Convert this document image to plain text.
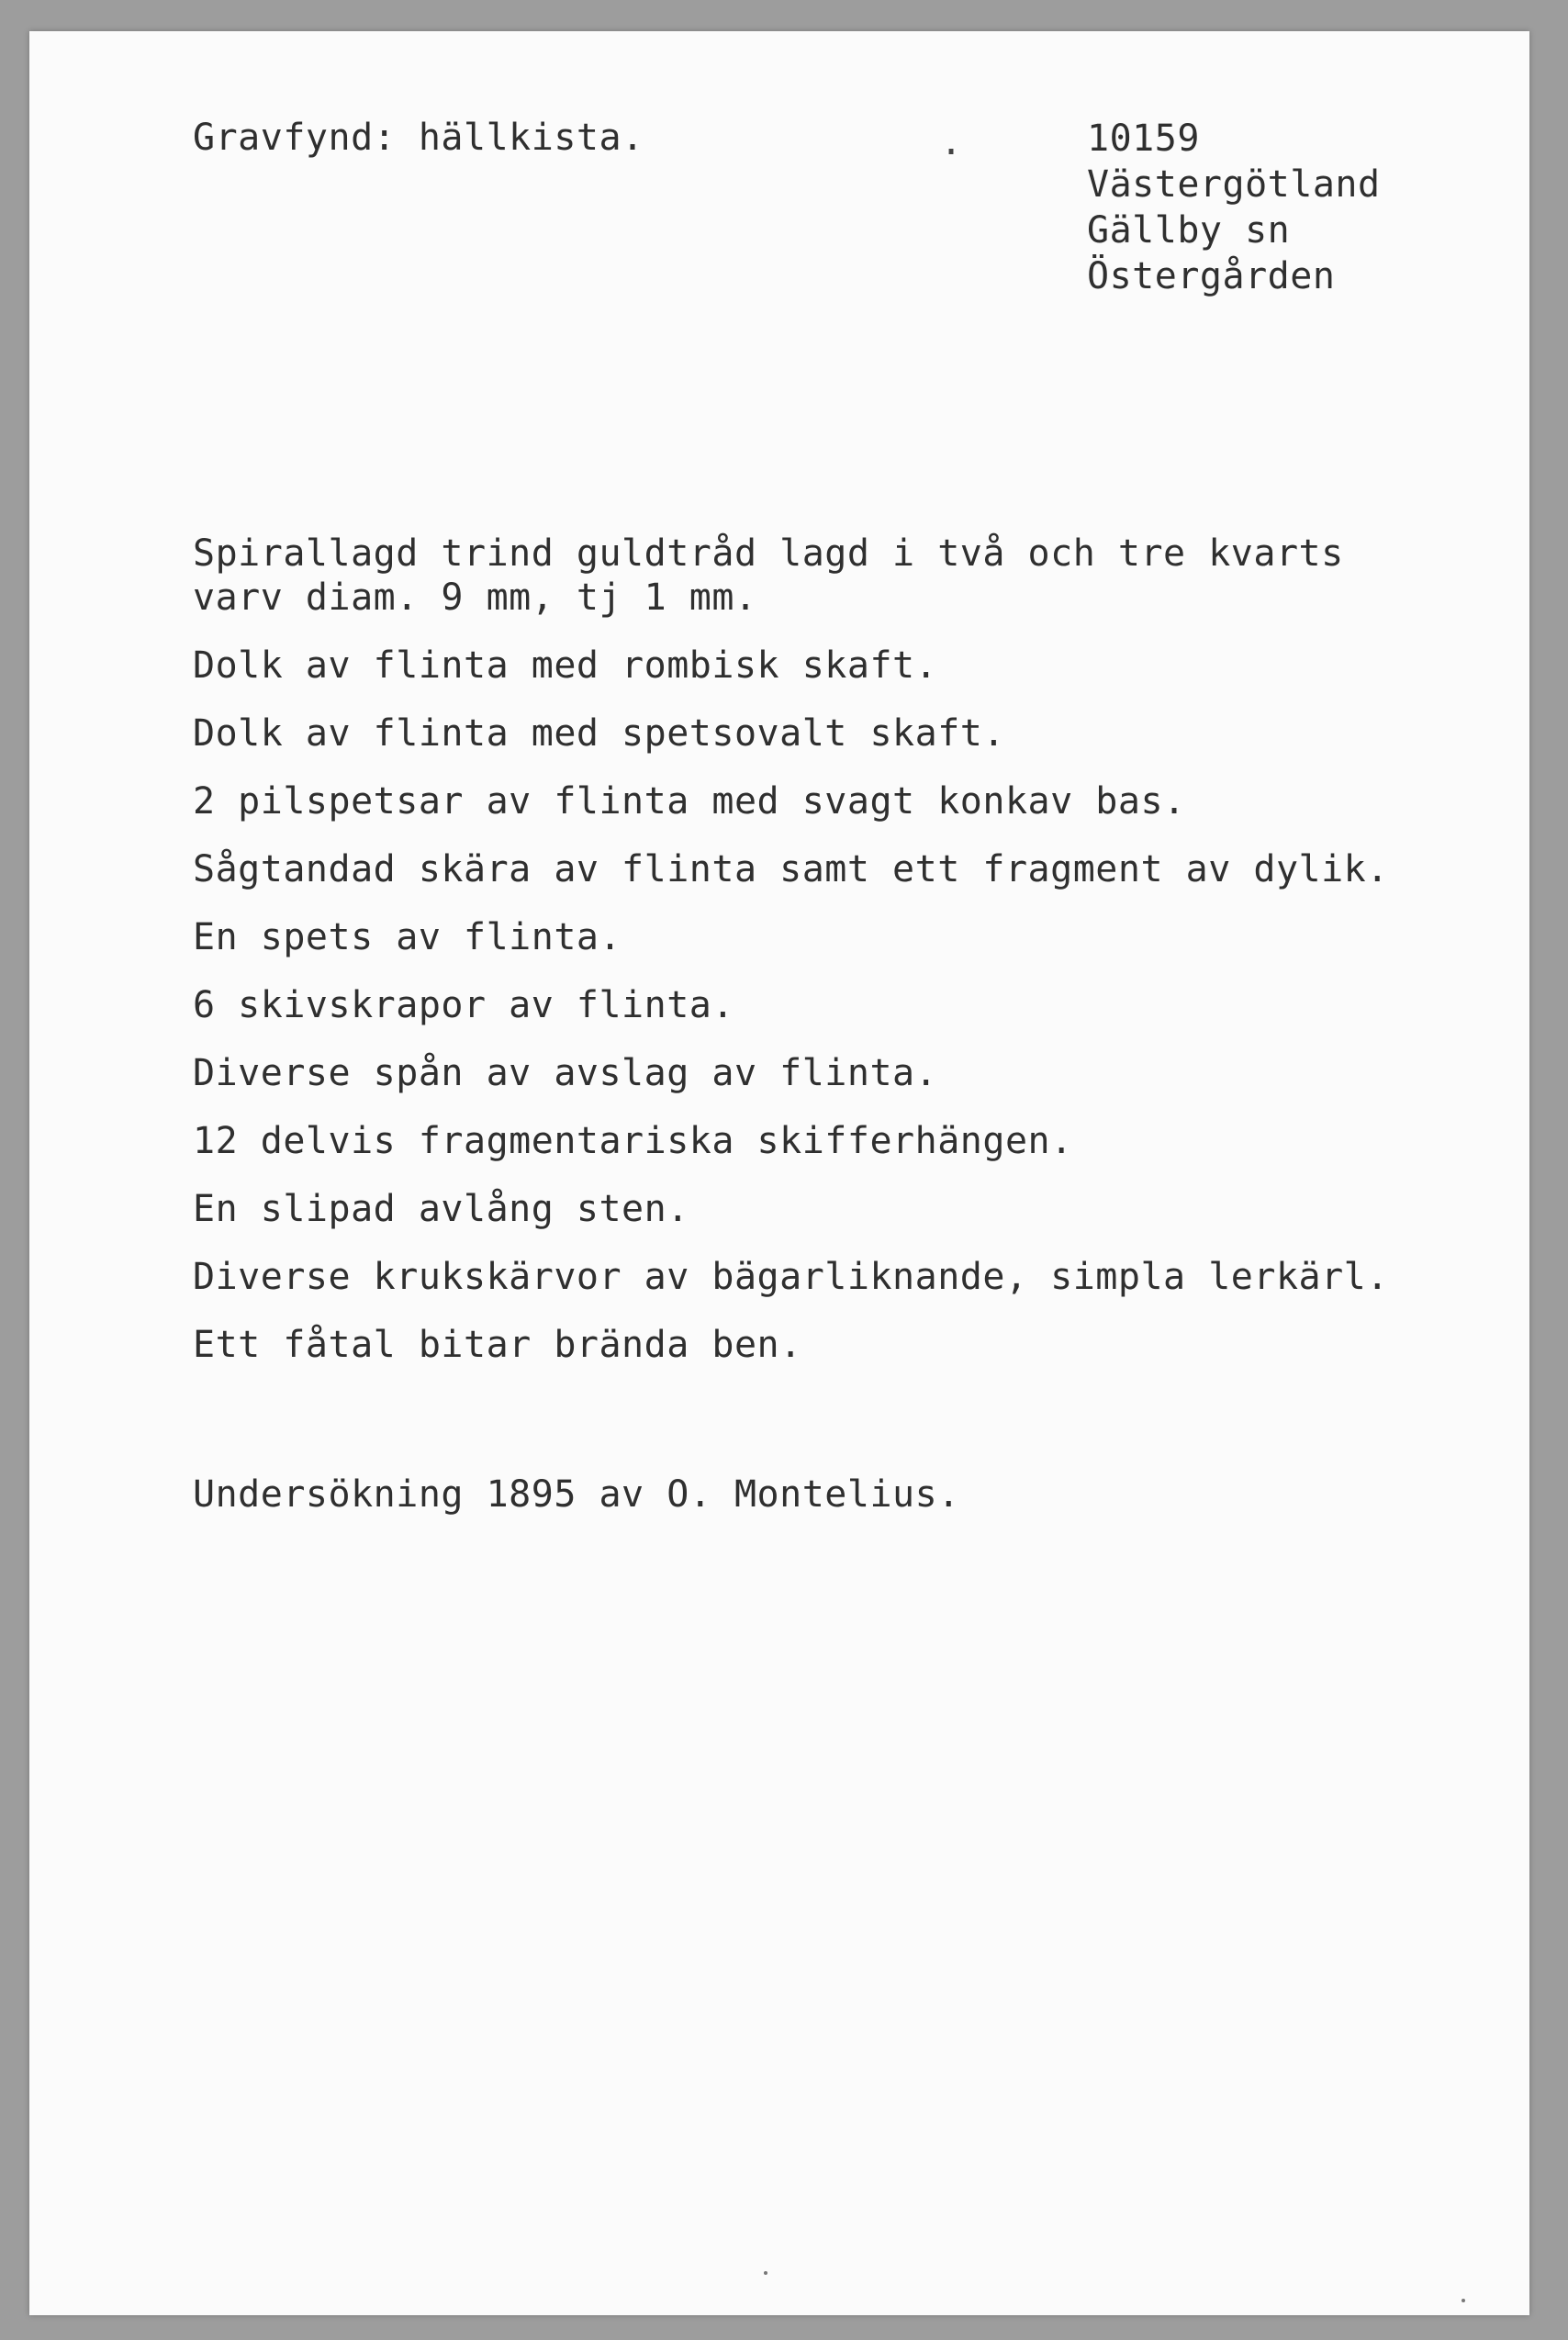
Gravfynd: hällkista.	.	10159
Västergötland
Gällby sn
Östergården
Spirallagd trind guldtråd lagd i två och tre kvarts
varv diam. 9 mm, tj 1 mm.
Dolk av flinta med rombisk skaft.
Dolk av flinta med spetsovalt skaft.
2 pilspetsar av flinta med svagt konkav bas.
Sågtandad skära av flinta samt ett fragment av dylik.
En spets av flinta.
6 skivskrapor av flinta.
Diverse spån av avslag av flinta.
12 delvis fragmentariska skifferhängen.
En slipad avlång sten.
Diverse krukskärvor av bägarliknande, simpla lerkärl.
Ett fåtal bitar brända ben.
Undersökning 1895 av O. Montelius.
